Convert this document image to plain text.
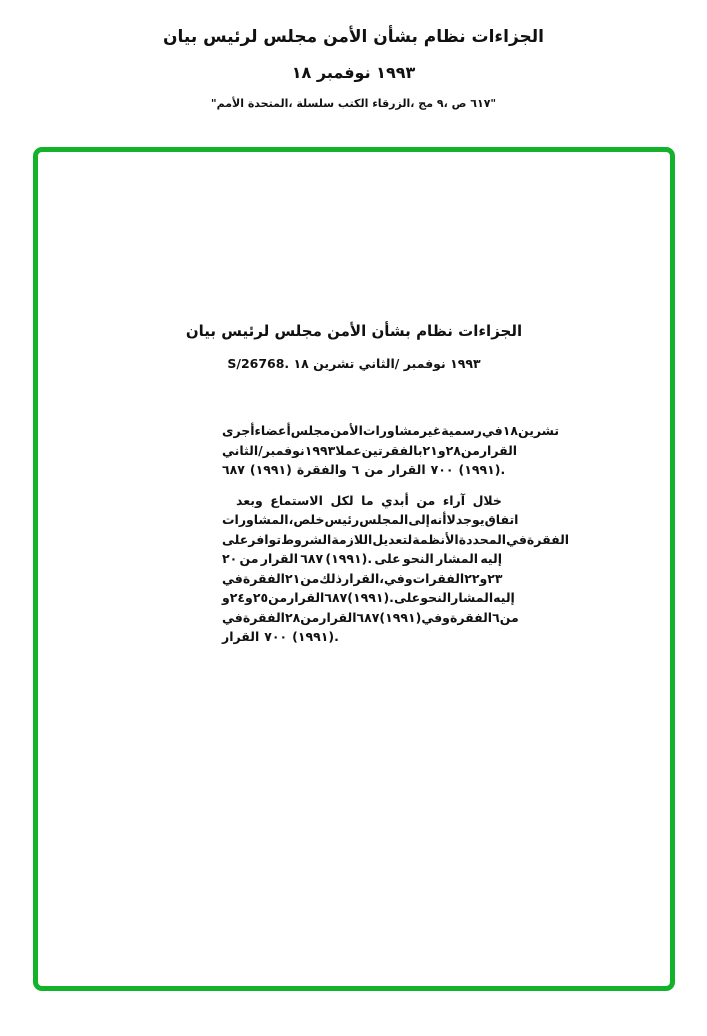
بيان لرئيس مجلس الأمن بشأن نظام الجزاءات
١٨ نوفمبر ١٩٩٣
"الأمم المتحدة، سلسلة الكتب الزرقاء، مج ٩، ص ٦١٧"
بيان لرئيس مجلس الأمن بشأن نظام الجزاءات
S/26768. ١٨ تشرين الثاني/ نوفمبر ١٩٩٣
أجرى أعضاء مجلس الأمن مشاورات غير رسمية في ١٨ تشرين
الثاني/ نوفمبر ١٩٩٣ عملا بالفقرتين ٢١ و ٢٨ من القرار
٦٨٧ (١٩٩١) والفقرة ٦ من القرار ٧٠٠ (١٩٩١).
وبعد الاستماع لكل ما أبدي من آراء خلال
المشاورات، خلص رئيس المجلس إلى أنه لا يوجد اتفاق
على توافر الشروط اللازمة لتعديل الأنظمة المحددة في الفقرة
٢٠ من القرار ٦٨٧ (١٩٩١). على النحو المشار إليه
في الفقرة ٢١ من ذلك القرار، وفي الفقرات ٢٢ و ٢٣
و ٢٤ و ٢٥ من القرار ٦٨٧ (١٩٩١). على النحو المشار إليه
في الفقرة ٢٨ من القرار ٦٨٧ (١٩٩١) وفي الفقرة ٦ من
القرار ٧٠٠ (١٩٩١).
